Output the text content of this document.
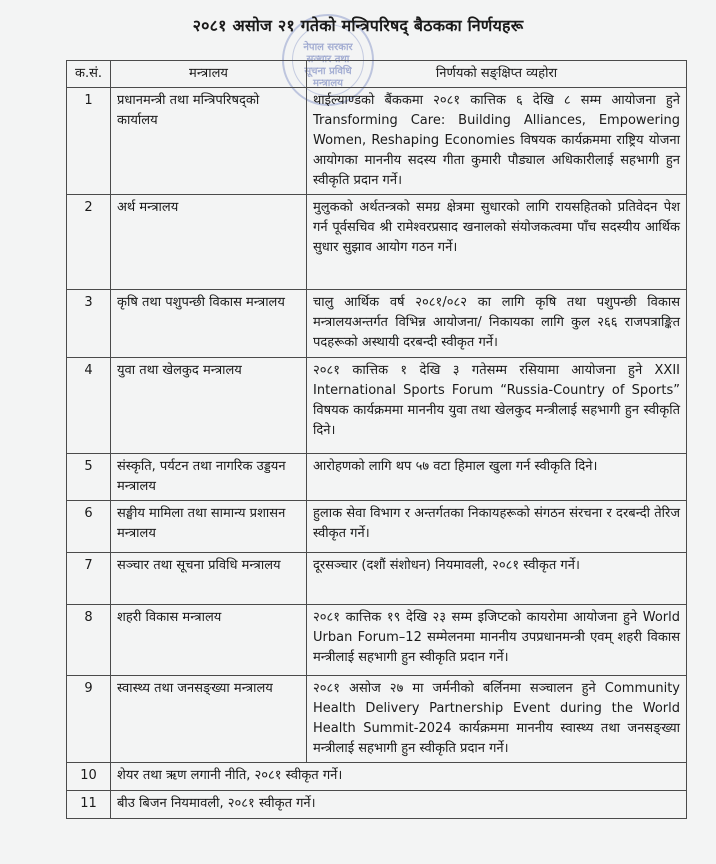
नेपाल सरकार
सञ्चार तथा
सूचना प्रविधि
मन्त्रालय
२०८१ असोज २१ गतेको मन्त्रिपरिषद् बैठकका निर्णयहरू
क.सं.	मन्त्रालय	निर्णयको सङ्क्षिप्त व्यहोरा
1	प्रधानमन्त्री तथा मन्त्रिपरिषद्को कार्यालय	थाईल्याण्डको बैंककमा २०८१ कात्तिक ६ देखि ८ सम्म आयोजना हुने Transforming Care: Building Alliances, Empowering Women, Reshaping Economies विषयक कार्यक्रममा राष्ट्रिय योजना आयोगका माननीय सदस्य गीता कुमारी पौड्याल अधिकारीलाई सहभागी हुन स्वीकृति प्रदान गर्ने।
2	अर्थ मन्त्रालय	मुलुकको अर्थतन्त्रको समग्र क्षेत्रमा सुधारको लागि रायसहितको प्रतिवेदन पेश गर्न पूर्वसचिव श्री रामेश्वरप्रसाद खनालको संयोजकत्वमा पाँच सदस्यीय आर्थिक सुधार सुझाव आयोग गठन गर्ने।
3	कृषि तथा पशुपन्छी विकास मन्त्रालय	चालु आर्थिक वर्ष २०८१/०८२ का लागि कृषि तथा पशुपन्छी विकास मन्त्रालयअन्तर्गत विभिन्न आयोजना/ निकायका लागि कुल २६६ राजपत्राङ्कित पदहरूको अस्थायी दरबन्दी स्वीकृत गर्ने।
4	युवा तथा खेलकुद मन्त्रालय	२०८१ कात्तिक १ देखि ३ गतेसम्म रसियामा आयोजना हुने XXII International Sports Forum “Russia-Country of Sports” विषयक कार्यक्रममा माननीय युवा तथा खेलकुद मन्त्रीलाई सहभागी हुन स्वीकृति दिने।
5	संस्कृति, पर्यटन तथा नागरिक उड्डयन मन्त्रालय	आरोहणको लागि थप ५७ वटा हिमाल खुला गर्न स्वीकृति दिने।
6	सङ्घीय मामिला तथा सामान्य प्रशासन मन्त्रालय	हुलाक सेवा विभाग र अन्तर्गतका निकायहरूको संगठन संरचना र दरबन्दी तेरिज स्वीकृत गर्ने।
7	सञ्चार तथा सूचना प्रविधि मन्त्रालय	दूरसञ्चार (दशौं संशोधन) नियमावली, २०८१ स्वीकृत गर्ने।
8	शहरी विकास मन्त्रालय	२०८१ कात्तिक १९ देखि २३ सम्म इजिप्टको कायरोमा आयोजना हुने World Urban Forum–12 सम्मेलनमा माननीय उपप्रधानमन्त्री एवम् शहरी विकास मन्त्रीलाई सहभागी हुन स्वीकृति प्रदान गर्ने।
9	स्वास्थ्य तथा जनसङ्ख्या मन्त्रालय	२०८१ असोज २७ मा जर्मनीको बर्लिनमा सञ्चालन हुने Community Health Delivery Partnership Event during the World Health Summit-2024 कार्यक्रममा माननीय स्वास्थ्य तथा जनसङ्ख्या मन्त्रीलाई सहभागी हुन स्वीकृति प्रदान गर्ने।
10	शेयर तथा ऋण लगानी नीति, २०८१ स्वीकृत गर्ने।	
11	बीउ बिजन नियमावली, २०८१ स्वीकृत गर्ने।	
